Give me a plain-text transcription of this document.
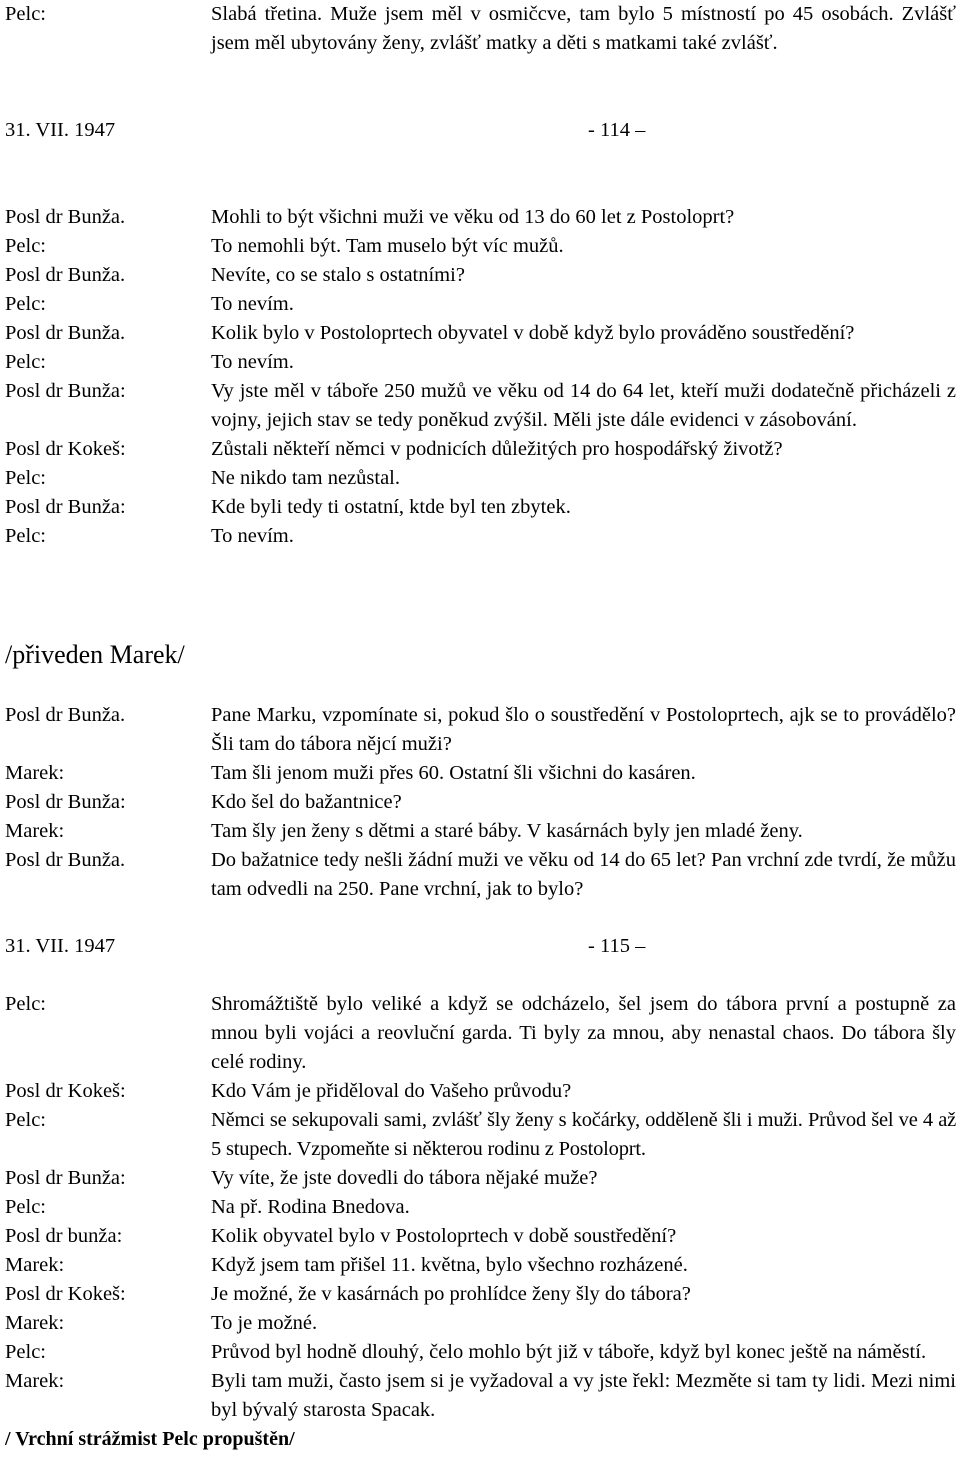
Pelc:	Slabá třetina. Muže jsem měl v osmičcve, tam bylo 5 místností po 45 osobách. Zvlášť jsem měl ubytovány ženy, zvlášť matky a děti s matkami také zvlášť.
31. VII. 1947	- 114 –
Posl dr Bunža.	Mohli to být všichni muži ve věku od 13 do 60 let z Postoloprt?
Pelc:	To nemohli být. Tam muselo být víc mužů.
Posl dr Bunža.	Nevíte, co se stalo s ostatními?
Pelc:	To nevím.
Posl dr Bunža.	Kolik bylo v Postoloprtech obyvatel v době když bylo prováděno soustředění?
Pelc:	To nevím.
Posl dr Bunža:	Vy jste měl v táboře 250 mužů ve věku od 14 do 64 let, kteří muži dodatečně přicházeli z vojny, jejich stav se tedy poněkud zvýšil. Měli jste dále evidenci v zásobování.
Posl dr Kokeš:	Zůstali někteří němci v podnicích důležitých pro hospodářský životž?
Pelc:	Ne nikdo tam nezůstal.
Posl dr Bunža:	Kde byli tedy ti ostatní, ktde byl ten zbytek.
Pelc:	To nevím.
/přiveden Marek/
Posl dr Bunža.	Pane Marku, vzpomínate si, pokud šlo o soustředění v Postoloprtech, ajk se to provádělo? Šli tam do tábora nějcí muži?
Marek:	Tam šli jenom muži přes 60. Ostatní šli všichni do kasáren.
Posl dr Bunža:	Kdo šel do bažantnice?
Marek:	Tam šly jen ženy s dětmi a staré báby. V kasárnách byly jen mladé ženy.
Posl dr Bunža.	Do bažatnice tedy nešli žádní muži ve věku od 14 do 65 let? Pan vrchní zde tvrdí, že můžu tam odvedli na 250. Pane vrchní, jak to bylo?
31. VII. 1947	- 115 –
Pelc:	Shromážtiště bylo veliké a když se odcházelo, šel jsem do tábora první a postupně za mnou byli vojáci a reovluční garda. Ti byly za mnou, aby nenastal chaos. Do tábora šly celé rodiny.
Posl dr Kokeš:	Kdo Vám je přiděloval do Vašeho průvodu?
Pelc:	Němci se sekupovali sami, zvlášť šly ženy s kočárky, odděleně šli i muži. Průvod šel ve 4 až 5 stupech. Vzpomeňte si některou rodinu z Postoloprt.
Posl dr Bunža:	Vy víte, že jste dovedli do tábora nějaké muže?
Pelc:	Na př. Rodina Bnedova.
Posl dr bunža:	Kolik obyvatel bylo v Postoloprtech v době soustředění?
Marek:	Když jsem tam přišel 11. května, bylo všechno rozházené.
Posl dr Kokeš:	Je možné, že v kasárnách po prohlídce ženy šly do tábora?
Marek:	To je možné.
Pelc:	Průvod byl hodně dlouhý, čelo mohlo být již v táboře, když byl konec ještě na náměstí.
Marek:	Byli tam muži, často jsem si je vyžadoval a vy jste řekl: Mezměte si tam ty lidi. Mezi nimi byl bývalý starosta Spacak.
/ Vrchní strážmist Pelc propuštěn/
